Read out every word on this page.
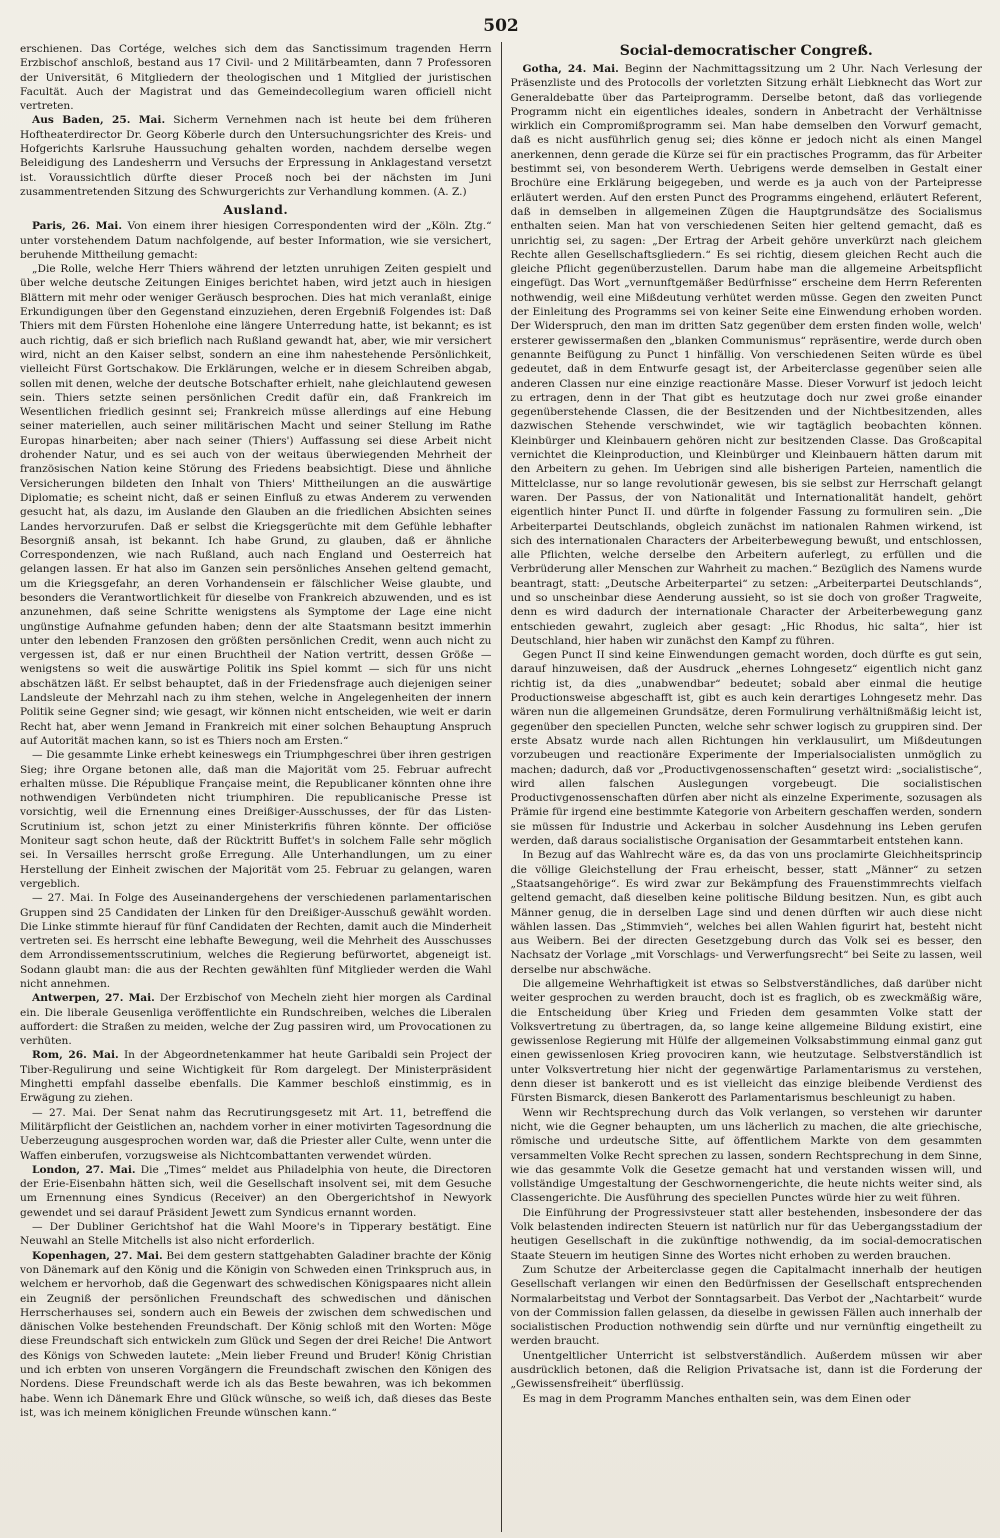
502

erschienen. Das Cortége, welches sich dem das Sanctissimum tragenden Herrn Erzbischof anschloß, bestand aus 17 Civil- und 2 Militärbeamten, dann 7 Professoren der Universität, 6 Mitgliedern der theologischen und 1 Mitglied der juristischen Facultät. Auch der Magistrat und das Gemeindecollegium waren officiell nicht vertreten.

Aus Baden, 25. Mai. Sicherm Vernehmen nach ist heute bei dem früheren Hoftheaterdirector Dr. Georg Köberle durch den Untersuchungsrichter des Kreis- und Hofgerichts Karlsruhe Haussuchung gehalten worden, nachdem derselbe wegen Beleidigung des Landesherrn und Versuchs der Erpressung in Anklagestand versetzt ist. Voraussichtlich dürfte dieser Proceß noch bei der nächsten im Juni zusammentretenden Sitzung des Schwurgerichts zur Verhandlung kommen. (A. Z.)

Ausland.

Paris, 26. Mai. Von einem ihrer hiesigen Correspondenten wird der „Köln. Ztg.“ unter vorstehendem Datum nachfolgende, auf bester Information, wie sie versichert, beruhende Mittheilung gemacht:

„Die Rolle, welche Herr Thiers während der letzten unruhigen Zeiten gespielt und über welche deutsche Zeitungen Einiges berichtet haben, wird jetzt auch in hiesigen Blättern mit mehr oder weniger Geräusch besprochen. Dies hat mich veranlaßt, einige Erkundigungen über den Gegenstand einzuziehen, deren Ergebniß Folgendes ist: Daß Thiers mit dem Fürsten Hohenlohe eine längere Unterredung hatte, ist bekannt; es ist auch richtig, daß er sich brieflich nach Rußland gewandt hat, aber, wie mir versichert wird, nicht an den Kaiser selbst, sondern an eine ihm nahestehende Persönlichkeit, vielleicht Fürst Gortschakow. Die Erklärungen, welche er in diesem Schreiben abgab, sollen mit denen, welche der deutsche Botschafter erhielt, nahe gleichlautend gewesen sein. Thiers setzte seinen persönlichen Credit dafür ein, daß Frankreich im Wesentlichen friedlich gesinnt sei; Frankreich müsse allerdings auf eine Hebung seiner materiellen, auch seiner militärischen Macht und seiner Stellung im Rathe Europas hinarbeiten; aber nach seiner (Thiers') Auffassung sei diese Arbeit nicht drohender Natur, und es sei auch von der weitaus überwiegenden Mehrheit der französischen Nation keine Störung des Friedens beabsichtigt. Diese und ähnliche Versicherungen bildeten den Inhalt von Thiers' Mittheilungen an die auswärtige Diplomatie; es scheint nicht, daß er seinen Einfluß zu etwas Anderem zu verwenden gesucht hat, als dazu, im Auslande den Glauben an die friedlichen Absichten seines Landes hervorzurufen. Daß er selbst die Kriegsgerüchte mit dem Gefühle lebhafter Besorgniß ansah, ist bekannt. Ich habe Grund, zu glauben, daß er ähnliche Correspondenzen, wie nach Rußland, auch nach England und Oesterreich hat gelangen lassen. Er hat also im Ganzen sein persönliches Ansehen geltend gemacht, um die Kriegsgefahr, an deren Vorhandensein er fälschlicher Weise glaubte, und besonders die Verantwortlichkeit für dieselbe von Frankreich abzuwenden, und es ist anzunehmen, daß seine Schritte wenigstens als Symptome der Lage eine nicht ungünstige Aufnahme gefunden haben; denn der alte Staatsmann besitzt immerhin unter den lebenden Franzosen den größten persönlichen Credit, wenn auch nicht zu vergessen ist, daß er nur einen Bruchtheil der Nation vertritt, dessen Größe — wenigstens so weit die auswärtige Politik ins Spiel kommt — sich für uns nicht abschätzen läßt. Er selbst behauptet, daß in der Friedensfrage auch diejenigen seiner Landsleute der Mehrzahl nach zu ihm stehen, welche in Angelegenheiten der innern Politik seine Gegner sind; wie gesagt, wir können nicht entscheiden, wie weit er darin Recht hat, aber wenn Jemand in Frankreich mit einer solchen Behauptung Anspruch auf Autorität machen kann, so ist es Thiers noch am Ersten.“

— Die gesammte Linke erhebt keineswegs ein Triumphgeschrei über ihren gestrigen Sieg; ihre Organe betonen alle, daß man die Majorität vom 25. Februar aufrecht erhalten müsse. Die République Française meint, die Republicaner könnten ohne ihre nothwendigen Verbündeten nicht triumphiren. Die republicanische Presse ist vorsichtig, weil die Ernennung eines Dreißiger-Ausschusses, der für das Listen-Scrutinium ist, schon jetzt zu einer Ministerkrifis führen könnte. Der officiöse Moniteur sagt schon heute, daß der Rücktritt Buffet's in solchem Falle sehr möglich sei. In Versailles herrscht große Erregung. Alle Unterhandlungen, um zu einer Herstellung der Einheit zwischen der Majorität vom 25. Februar zu gelangen, waren vergeblich.

— 27. Mai. In Folge des Auseinandergehens der verschiedenen parlamentarischen Gruppen sind 25 Candidaten der Linken für den Dreißiger-Ausschuß gewählt worden. Die Linke stimmte hierauf für fünf Candidaten der Rechten, damit auch die Minderheit vertreten sei. Es herrscht eine lebhafte Bewegung, weil die Mehrheit des Ausschusses dem Arrondissementsscrutinium, welches die Regierung befürwortet, abgeneigt ist. Sodann glaubt man: die aus der Rechten gewählten fünf Mitglieder werden die Wahl nicht annehmen.

Antwerpen, 27. Mai. Der Erzbischof von Mecheln zieht hier morgen als Cardinal ein. Die liberale Geusenliga veröffentlichte ein Rundschreiben, welches die Liberalen auffordert: die Straßen zu meiden, welche der Zug passiren wird, um Provocationen zu verhüten.

Rom, 26. Mai. In der Abgeordnetenkammer hat heute Garibaldi sein Project der Tiber-Regulirung und seine Wichtigkeit für Rom dargelegt. Der Ministerpräsident Minghetti empfahl dasselbe ebenfalls. Die Kammer beschloß einstimmig, es in Erwägung zu ziehen.

— 27. Mai. Der Senat nahm das Recrutirungsgesetz mit Art. 11, betreffend die Militärpflicht der Geistlichen an, nachdem vorher in einer motivirten Tagesordnung die Ueberzeugung ausgesprochen worden war, daß die Priester aller Culte, wenn unter die Waffen einberufen, vorzugsweise als Nichtcombattanten verwendet würden.

London, 27. Mai. Die „Times“ meldet aus Philadelphia von heute, die Directoren der Erie-Eisenbahn hätten sich, weil die Gesellschaft insolvent sei, mit dem Gesuche um Ernennung eines Syndicus (Receiver) an den Obergerichtshof in Newyork gewendet und sei darauf Präsident Jewett zum Syndicus ernannt worden.

— Der Dubliner Gerichtshof hat die Wahl Moore's in Tipperary bestätigt. Eine Neuwahl an Stelle Mitchells ist also nicht erforderlich.

Kopenhagen, 27. Mai. Bei dem gestern stattgehabten Galadiner brachte der König von Dänemark auf den König und die Königin von Schweden einen Trinkspruch aus, in welchem er hervorhob, daß die Gegenwart des schwedischen Königspaares nicht allein ein Zeugniß der persönlichen Freundschaft des schwedischen und dänischen Herrscherhauses sei, sondern auch ein Beweis der zwischen dem schwedischen und dänischen Volke bestehenden Freundschaft. Der König schloß mit den Worten: Möge diese Freundschaft sich entwickeln zum Glück und Segen der drei Reiche! Die Antwort des Königs von Schweden lautete: „Mein lieber Freund und Bruder! König Christian und ich erbten von unseren Vorgängern die Freundschaft zwischen den Königen des Nordens. Diese Freundschaft werde ich als das Beste bewahren, was ich bekommen habe. Wenn ich Dänemark Ehre und Glück wünsche, so weiß ich, daß dieses das Beste ist, was ich meinem königlichen Freunde wünschen kann.“

Social-democratischer Congreß.

Gotha, 24. Mai. Beginn der Nachmittagssitzung um 2 Uhr. Nach Verlesung der Präsenzliste und des Protocolls der vorletzten Sitzung erhält Liebknecht das Wort zur Generaldebatte über das Parteiprogramm. Derselbe betont, daß das vorliegende Programm nicht ein eigentliches ideales, sondern in Anbetracht der Verhältnisse wirklich ein Compromißprogramm sei. Man habe demselben den Vorwurf gemacht, daß es nicht ausführlich genug sei; dies könne er jedoch nicht als einen Mangel anerkennen, denn gerade die Kürze sei für ein practisches Programm, das für Arbeiter bestimmt sei, von besonderem Werth. Uebrigens werde demselben in Gestalt einer Brochüre eine Erklärung beigegeben, und werde es ja auch von der Parteipresse erläutert werden. Auf den ersten Punct des Programms eingehend, erläutert Referent, daß in demselben in allgemeinen Zügen die Hauptgrundsätze des Socialismus enthalten seien. Man hat von verschiedenen Seiten hier geltend gemacht, daß es unrichtig sei, zu sagen: „Der Ertrag der Arbeit gehöre unverkürzt nach gleichem Rechte allen Gesellschaftsgliedern.“ Es sei richtig, diesem gleichen Recht auch die gleiche Pflicht gegenüberzustellen. Darum habe man die allgemeine Arbeitspflicht eingefügt. Das Wort „vernunftgemäßer Bedürfnisse“ erscheine dem Herrn Referenten nothwendig, weil eine Mißdeutung verhütet werden müsse. Gegen den zweiten Punct der Einleitung des Programms sei von keiner Seite eine Einwendung erhoben worden. Der Widerspruch, den man im dritten Satz gegenüber dem ersten finden wolle, welch' ersterer gewissermaßen den „blanken Communismus“ repräsentire, werde durch oben genannte Beifügung zu Punct 1 hinfällig. Von verschiedenen Seiten würde es übel gedeutet, daß in dem Entwurfe gesagt ist, der Arbeiterclasse gegenüber seien alle anderen Classen nur eine einzige reactionäre Masse. Dieser Vorwurf ist jedoch leicht zu ertragen, denn in der That gibt es heutzutage doch nur zwei große einander gegenüberstehende Classen, die der Besitzenden und der Nichtbesitzenden, alles dazwischen Stehende verschwindet, wie wir tagtäglich beobachten können. Kleinbürger und Kleinbauern gehören nicht zur besitzenden Classe. Das Großcapital vernichtet die Kleinproduction, und Kleinbürger und Kleinbauern hätten darum mit den Arbeitern zu gehen. Im Uebrigen sind alle bisherigen Parteien, namentlich die Mittelclasse, nur so lange revolutionär gewesen, bis sie selbst zur Herrschaft gelangt waren. Der Passus, der von Nationalität und Internationalität handelt, gehört eigentlich hinter Punct II. und dürfte in folgender Fassung zu formuliren sein. „Die Arbeiterpartei Deutschlands, obgleich zunächst im nationalen Rahmen wirkend, ist sich des internationalen Characters der Arbeiterbewegung bewußt, und entschlossen, alle Pflichten, welche derselbe den Arbeitern auferlegt, zu erfüllen und die Verbrüderung aller Menschen zur Wahrheit zu machen.“ Bezüglich des Namens wurde beantragt, statt: „Deutsche Arbeiterpartei“ zu setzen: „Arbeiterpartei Deutschlands“, und so unscheinbar diese Aenderung aussieht, so ist sie doch von großer Tragweite, denn es wird dadurch der internationale Character der Arbeiterbewegung ganz entschieden gewahrt, zugleich aber gesagt: „Hic Rhodus, hic salta“, hier ist Deutschland, hier haben wir zunächst den Kampf zu führen.

Gegen Punct II sind keine Einwendungen gemacht worden, doch dürfte es gut sein, darauf hinzuweisen, daß der Ausdruck „ehernes Lohngesetz“ eigentlich nicht ganz richtig ist, da dies „unabwendbar“ bedeutet; sobald aber einmal die heutige Productionsweise abgeschafft ist, gibt es auch kein derartiges Lohngesetz mehr. Das wären nun die allgemeinen Grundsätze, deren Formulirung verhältnißmäßig leicht ist, gegenüber den speciellen Puncten, welche sehr schwer logisch zu gruppiren sind. Der erste Absatz wurde nach allen Richtungen hin verklausulirt, um Mißdeutungen vorzubeugen und reactionäre Experimente der Imperialsocialisten unmöglich zu machen; dadurch, daß vor „Productivgenossenschaften“ gesetzt wird: „socialistische“, wird allen falschen Auslegungen vorgebeugt. Die socialistischen Productivgenossenschaften dürfen aber nicht als einzelne Experimente, sozusagen als Prämie für irgend eine bestimmte Kategorie von Arbeitern geschaffen werden, sondern sie müssen für Industrie und Ackerbau in solcher Ausdehnung ins Leben gerufen werden, daß daraus socialistische Organisation der Gesammtarbeit entstehen kann.

In Bezug auf das Wahlrecht wäre es, da das von uns proclamirte Gleichheitsprincip die völlige Gleichstellung der Frau erheischt, besser, statt „Männer“ zu setzen „Staatsangehörige“. Es wird zwar zur Bekämpfung des Frauenstimmrechts vielfach geltend gemacht, daß dieselben keine politische Bildung besitzen. Nun, es gibt auch Männer genug, die in derselben Lage sind und denen dürften wir auch diese nicht wählen lassen. Das „Stimmvieh“, welches bei allen Wahlen figurirt hat, besteht nicht aus Weibern. Bei der directen Gesetzgebung durch das Volk sei es besser, den Nachsatz der Vorlage „mit Vorschlags- und Verwerfungsrecht“ bei Seite zu lassen, weil derselbe nur abschwäche.

Die allgemeine Wehrhaftigkeit ist etwas so Selbstverständliches, daß darüber nicht weiter gesprochen zu werden braucht, doch ist es fraglich, ob es zweckmäßig wäre, die Entscheidung über Krieg und Frieden dem gesammten Volke statt der Volksvertretung zu übertragen, da, so lange keine allgemeine Bildung existirt, eine gewissenlose Regierung mit Hülfe der allgemeinen Volksabstimmung einmal ganz gut einen gewissenlosen Krieg provociren kann, wie heutzutage. Selbstverständlich ist unter Volksvertretung hier nicht der gegenwärtige Parlamentarismus zu verstehen, denn dieser ist bankerott und es ist vielleicht das einzige bleibende Verdienst des Fürsten Bismarck, diesen Bankerott des Parlamentarismus beschleunigt zu haben.

Wenn wir Rechtsprechung durch das Volk verlangen, so verstehen wir darunter nicht, wie die Gegner behaupten, um uns lächerlich zu machen, die alte griechische, römische und urdeutsche Sitte, auf öffentlichem Markte von dem gesammten versammelten Volke Recht sprechen zu lassen, sondern Rechtsprechung in dem Sinne, wie das gesammte Volk die Gesetze gemacht hat und verstanden wissen will, und vollständige Umgestaltung der Geschwornengerichte, die heute nichts weiter sind, als Classengerichte. Die Ausführung des speciellen Punctes würde hier zu weit führen.

Die Einführung der Progressivsteuer statt aller bestehenden, insbesondere der das Volk belastenden indirecten Steuern ist natürlich nur für das Uebergangsstadium der heutigen Gesellschaft in die zukünftige nothwendig, da im social-democratischen Staate Steuern im heutigen Sinne des Wortes nicht erhoben zu werden brauchen.

Zum Schutze der Arbeiterclasse gegen die Capitalmacht innerhalb der heutigen Gesellschaft verlangen wir einen den Bedürfnissen der Gesellschaft entsprechenden Normalarbeitstag und Verbot der Sonntagsarbeit. Das Verbot der „Nachtarbeit“ wurde von der Commission fallen gelassen, da dieselbe in gewissen Fällen auch innerhalb der socialistischen Production nothwendig sein dürfte und nur vernünftig eingetheilt zu werden braucht.

Unentgeltlicher Unterricht ist selbstverständlich. Außerdem müssen wir aber ausdrücklich betonen, daß die Religion Privatsache ist, dann ist die Forderung der „Gewissensfreiheit“ überflüssig.

Es mag in dem Programm Manches enthalten sein, was dem Einen oder
